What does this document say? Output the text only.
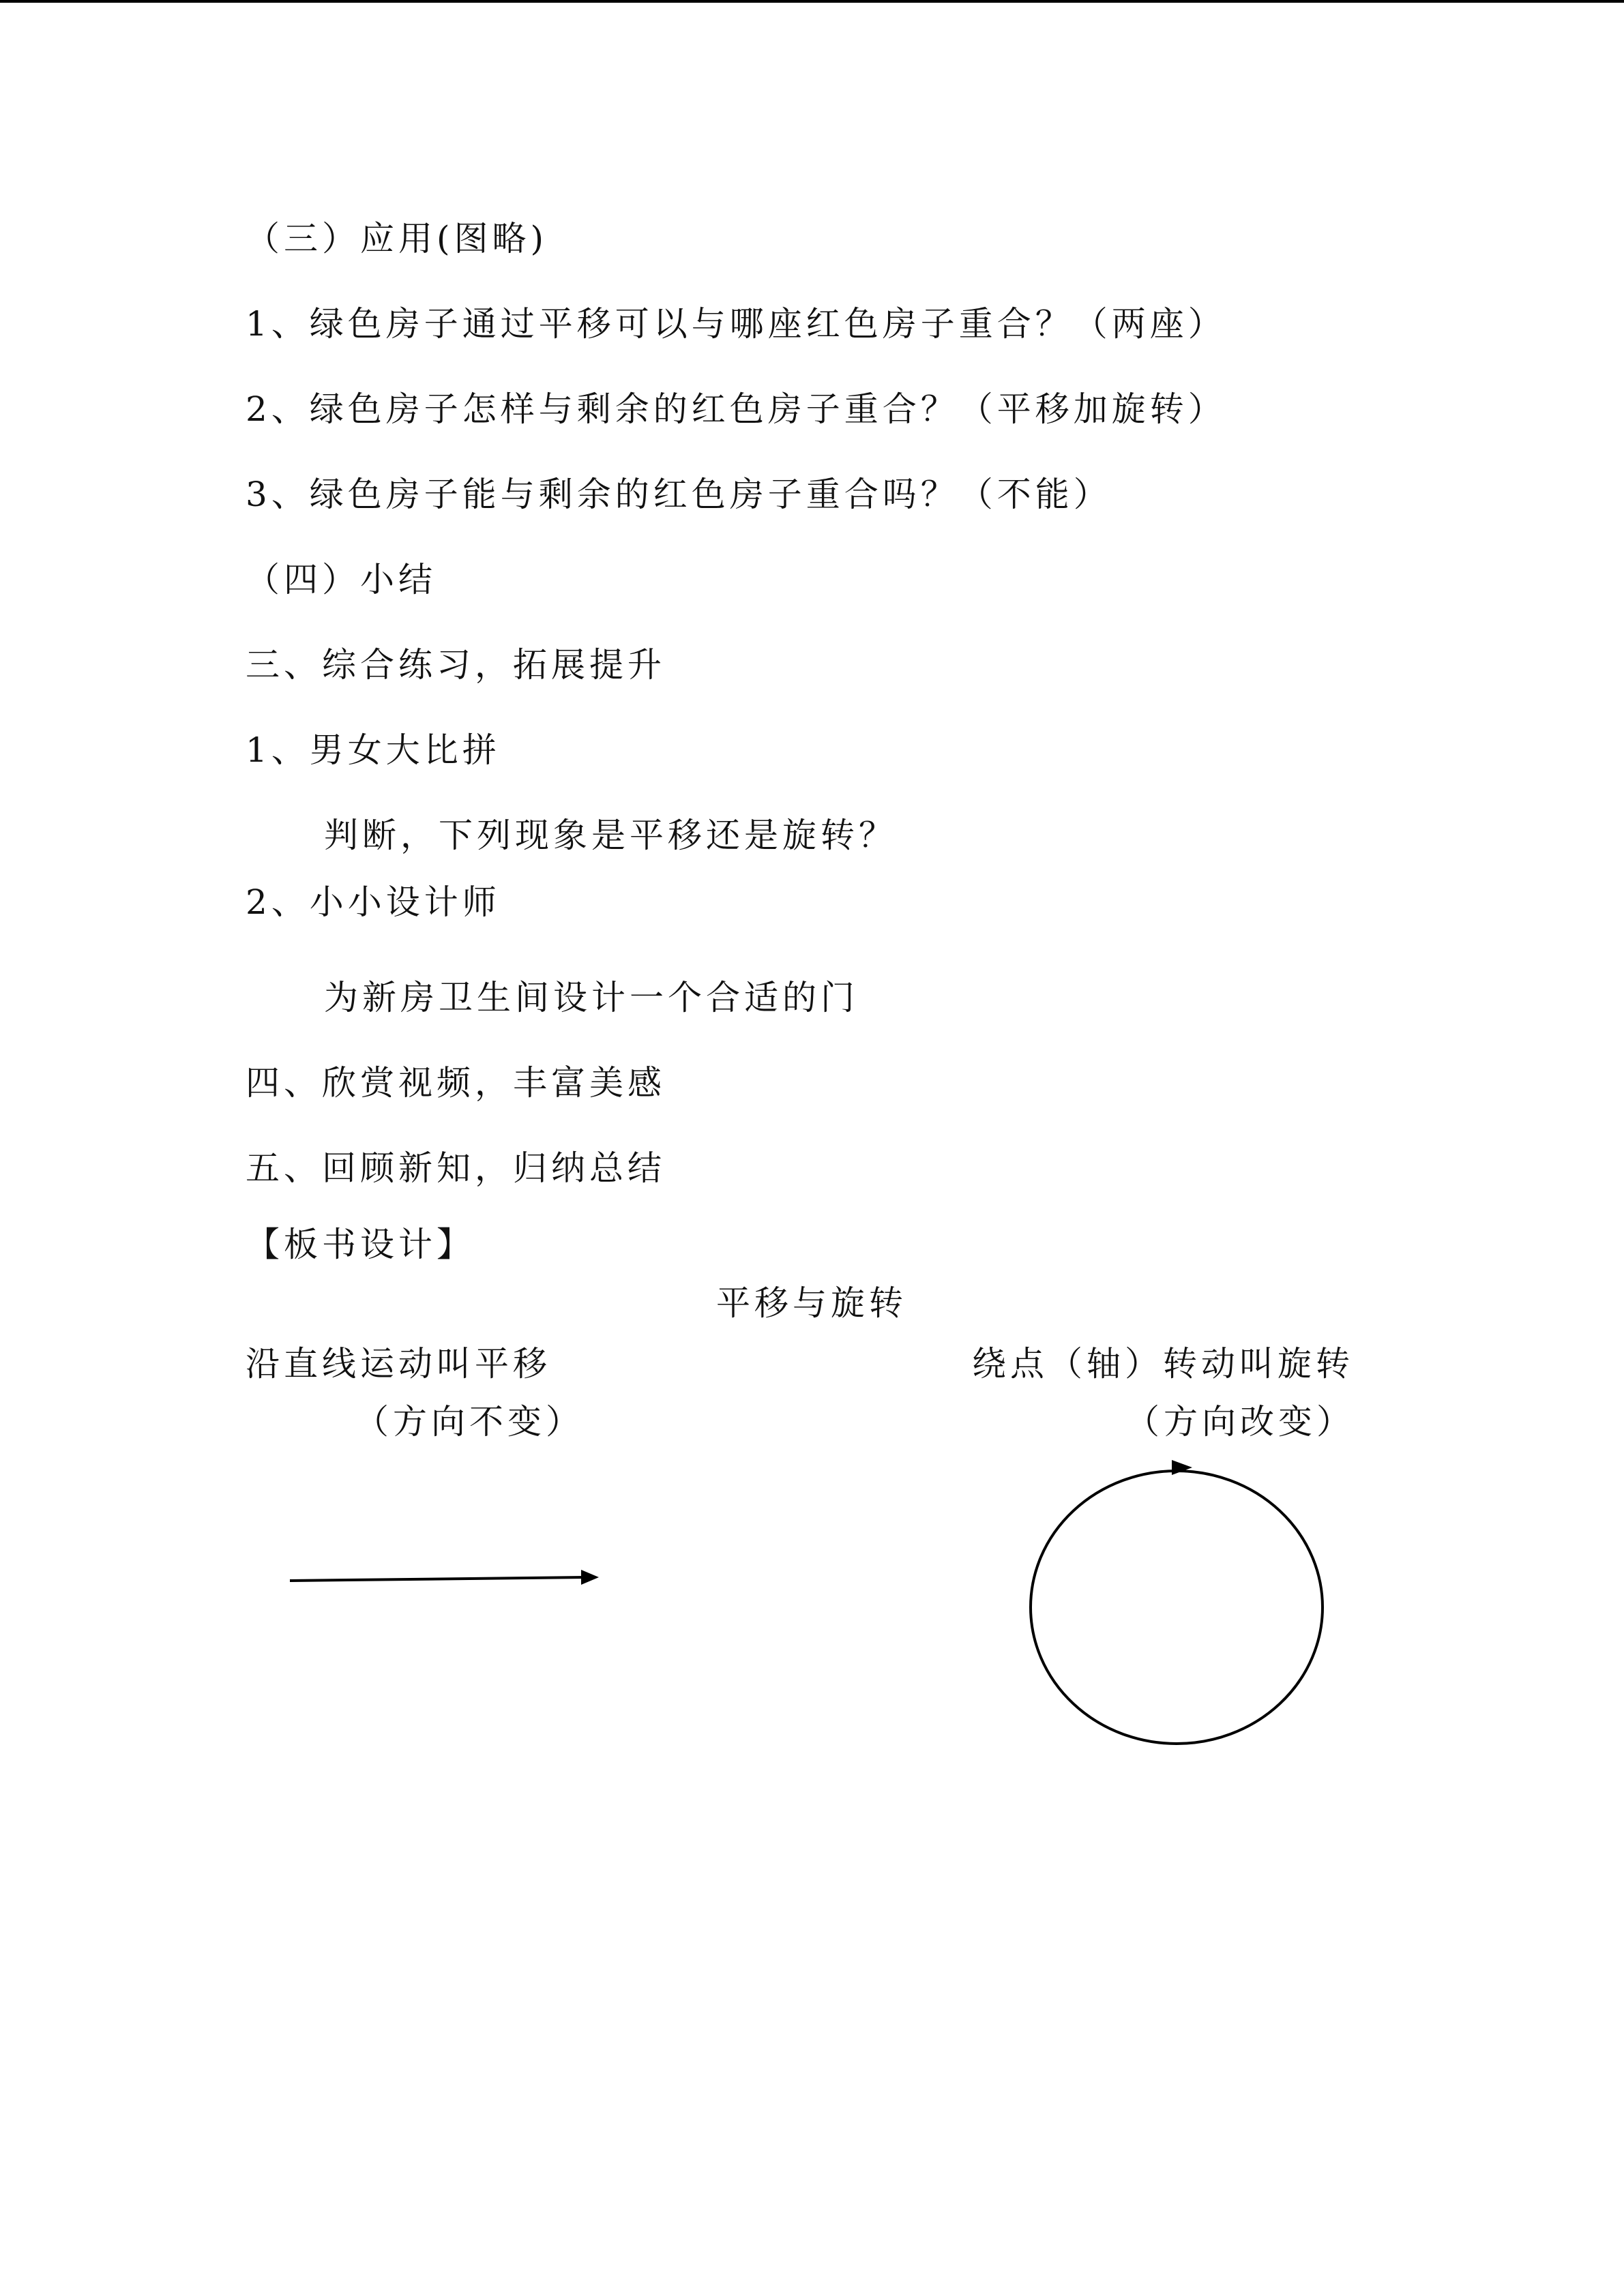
（三）应用(图略)
1、绿色房子通过平移可以与哪座红色房子重合？（两座）
2、绿色房子怎样与剩余的红色房子重合？（平移加旋转）
3、绿色房子能与剩余的红色房子重合吗？（不能）
（四）小结
三、综合练习，拓展提升
1、男女大比拼
判断，下列现象是平移还是旋转？
2、小小设计师
为新房卫生间设计一个合适的门
四、欣赏视频，丰富美感
五、回顾新知，归纳总结
【板书设计】
平移与旋转
沿直线运动叫平移
（方向不变）
绕点（轴）转动叫旋转
（方向改变）
